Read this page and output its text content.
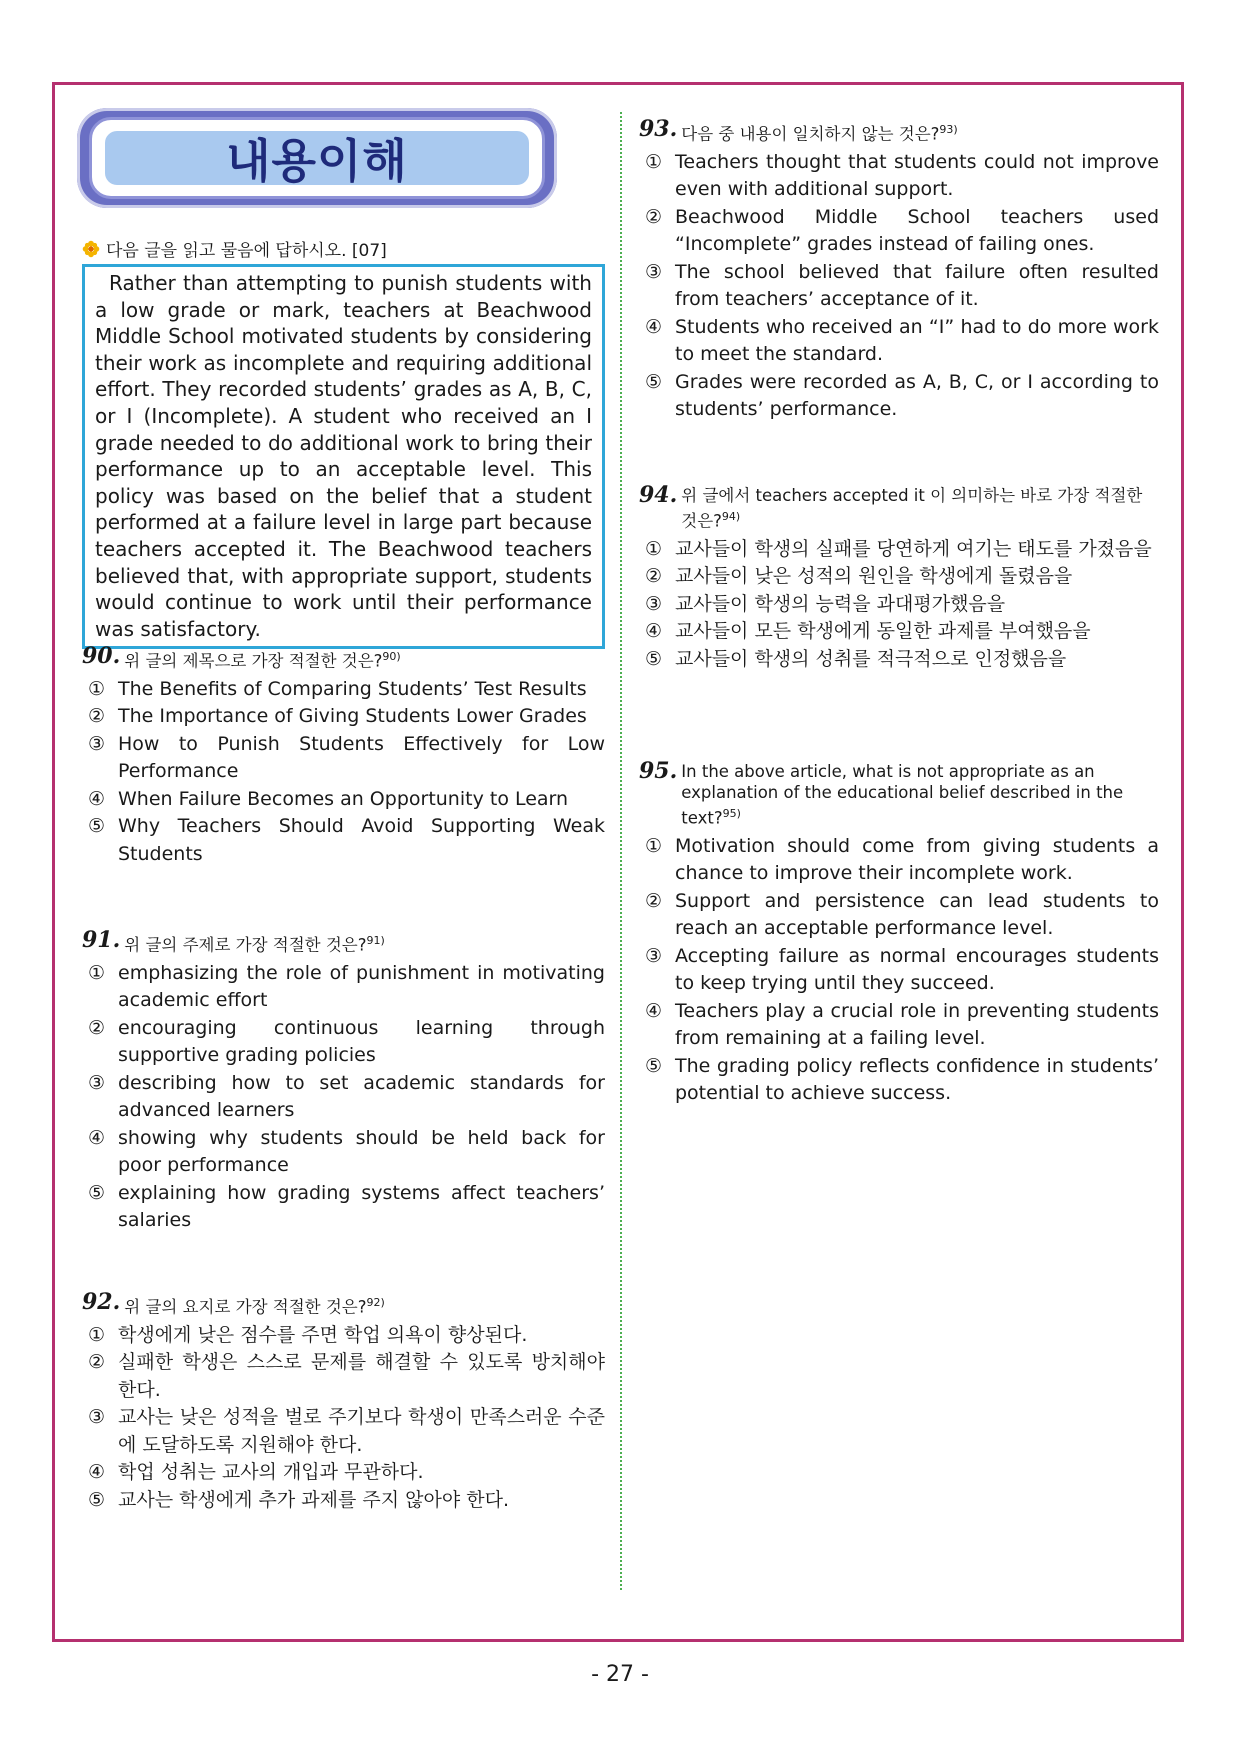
내용이해
다음 글을 읽고 물음에 답하시오. [07]
Rather than attempting to punish students with a low grade or mark, teachers at Beachwood Middle School motivated students by considering their work as incomplete and requiring additional effort. They recorded students’ grades as A, B, C, or I (Incomplete). A student who received an I grade needed to do additional work to bring their performance up to an acceptable level. This policy was based on the belief that a student performed at a failure level in large part because teachers accepted it. The Beachwood teachers believed that, with appropriate support, students would continue to work until their performance was satisfactory.
90. 위 글의 제목으로 가장 적절한 것은?$^{90)}$
① The Benefits of Comparing Students’ Test Results
② The Importance of Giving Students Lower Grades
③ How to Punish Students Effectively for Low Performance
④ When Failure Becomes an Opportunity to Learn
⑤ Why Teachers Should Avoid Supporting Weak Students
91. 위 글의 주제로 가장 적절한 것은?$^{91)}$
① emphasizing the role of punishment in motivating academic effort
② encouraging continuous learning through supportive grading policies
③ describing how to set academic standards for advanced learners
④ showing why students should be held back for poor performance
⑤ explaining how grading systems affect teachers’ salaries
92. 위 글의 요지로 가장 적절한 것은?$^{92)}$
① 학생에게 낮은 점수를 주면 학업 의욕이 향상된다.
② 실패한 학생은 스스로 문제를 해결할 수 있도록 방치해야 한다.
③ 교사는 낮은 성적을 벌로 주기보다 학생이 만족스러운 수준에 도달하도록 지원해야 한다.
④ 학업 성취는 교사의 개입과 무관하다.
⑤ 교사는 학생에게 추가 과제를 주지 않아야 한다.
93. 다음 중 내용이 일치하지 않는 것은?$^{93)}$
① Teachers thought that students could not improve even with additional support.
② Beachwood Middle School teachers used “Incomplete” grades instead of failing ones.
③ The school believed that failure often resulted from teachers’ acceptance of it.
④ Students who received an “I” had to do more work to meet the standard.
⑤ Grades were recorded as A, B, C, or I according to students’ performance.
94. 위 글에서 teachers accepted it 이 의미하는 바로 가장 적절한 것은?$^{94)}$
① 교사들이 학생의 실패를 당연하게 여기는 태도를 가졌음을
② 교사들이 낮은 성적의 원인을 학생에게 돌렸음을
③ 교사들이 학생의 능력을 과대평가했음을
④ 교사들이 모든 학생에게 동일한 과제를 부여했음을
⑤ 교사들이 학생의 성취를 적극적으로 인정했음을
95. In the above article, what is not appropriate as an explanation of the educational belief described in the text?$^{95)}$
① Motivation should come from giving students a chance to improve their incomplete work.
② Support and persistence can lead students to reach an acceptable performance level.
③ Accepting failure as normal encourages students to keep trying until they succeed.
④ Teachers play a crucial role in preventing students from remaining at a failing level.
⑤ The grading policy reflects confidence in students’ potential to achieve success.
- 27 -
